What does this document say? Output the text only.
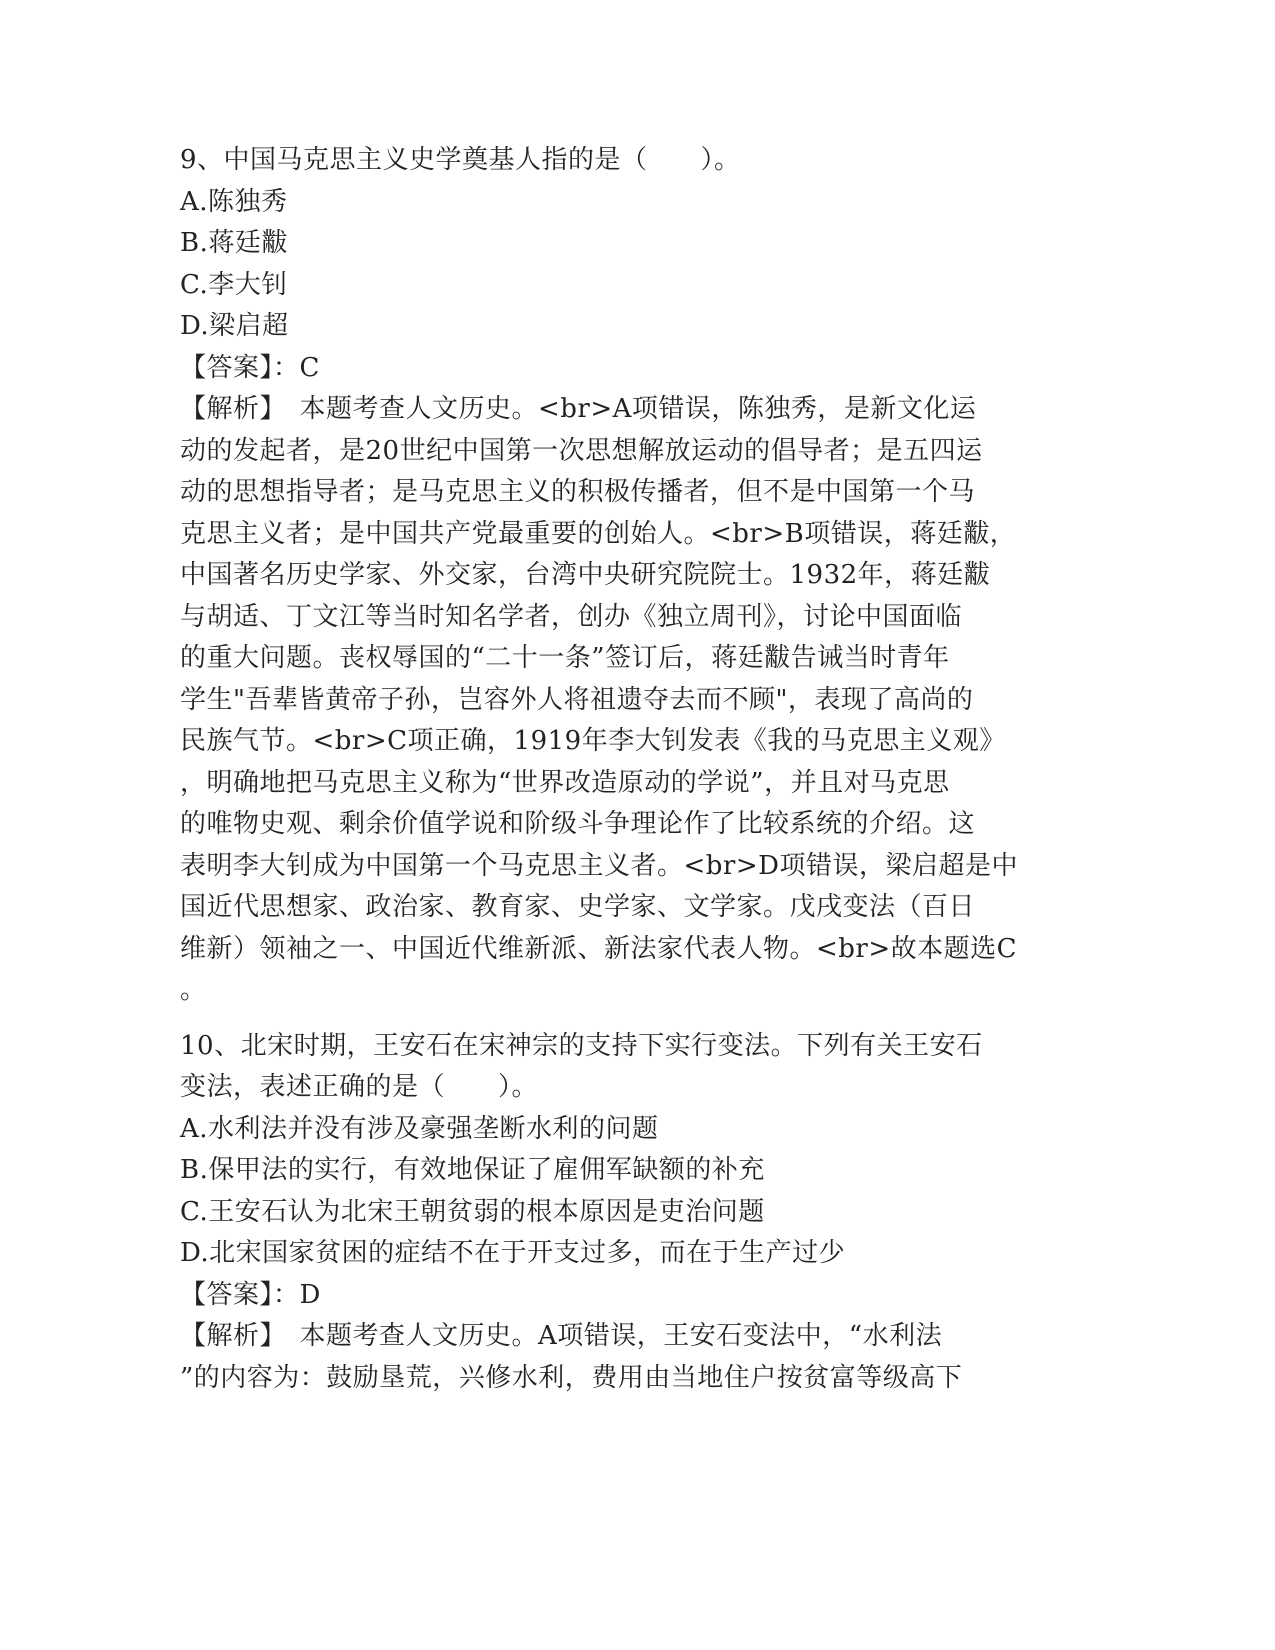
9、中国马克思主义史学奠基人指的是（　　）。
A.陈独秀
B.蒋廷黻
C.李大钊
D.梁启超
【答案】：C
【解析】　本题考查人文历史。<br>A项错误，陈独秀，是新文化运
动的发起者，是20世纪中国第一次思想解放运动的倡导者；是五四运
动的思想指导者；是马克思主义的积极传播者，但不是中国第一个马
克思主义者；是中国共产党最重要的创始人。<br>B项错误，蒋廷黻，
中国著名历史学家、外交家，台湾中央研究院院士。1932年，蒋廷黻
与胡适、丁文江等当时知名学者，创办《独立周刊》，讨论中国面临
的重大问题。丧权辱国的“二十一条”签订后，蒋廷黻告诫当时青年
学生"吾辈皆黄帝子孙，岂容外人将祖遗夺去而不顾"，表现了高尚的
民族气节。<br>C项正确，1919年李大钊发表《我的马克思主义观》
，明确地把马克思主义称为“世界改造原动的学说”，并且对马克思
的唯物史观、剩余价值学说和阶级斗争理论作了比较系统的介绍。这
表明李大钊成为中国第一个马克思主义者。<br>D项错误，梁启超是中
国近代思想家、政治家、教育家、史学家、文学家。戊戌变法（百日
维新）领袖之一、中国近代维新派、新法家代表人物。<br>故本题选C
。
10、北宋时期，王安石在宋神宗的支持下实行变法。下列有关王安石
变法，表述正确的是（　　）。
A.水利法并没有涉及豪强垄断水利的问题
B.保甲法的实行，有效地保证了雇佣军缺额的补充
C.王安石认为北宋王朝贫弱的根本原因是吏治问题
D.北宋国家贫困的症结不在于开支过多，而在于生产过少
【答案】：D
【解析】　本题考查人文历史。A项错误，王安石变法中，“水利法
”的内容为：鼓励垦荒，兴修水利，费用由当地住户按贫富等级高下
